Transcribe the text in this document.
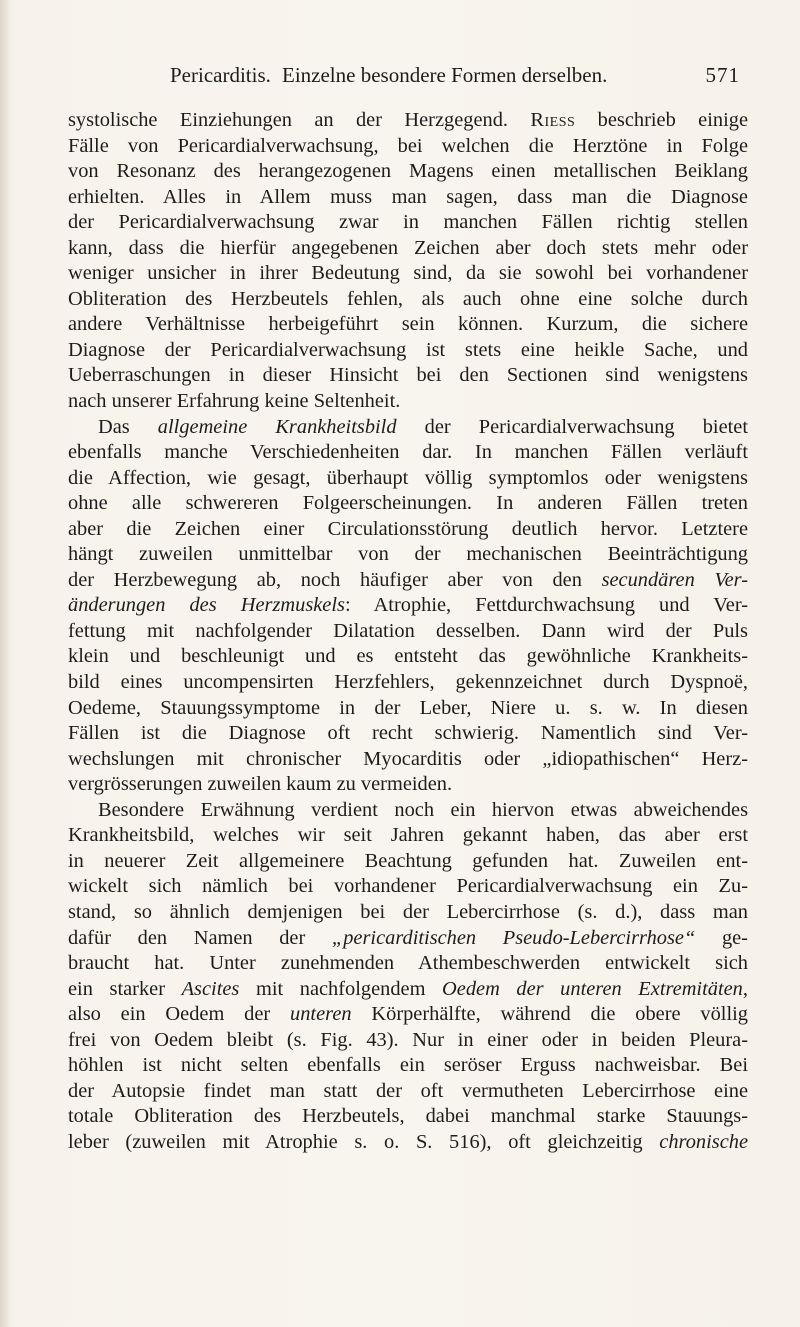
Pericarditis. Einzelne besondere Formen derselben.	571
systolische Einziehungen an der Herzgegend. Riess beschrieb einige
Fälle von Pericardialverwachsung, bei welchen die Herztöne in Folge
von Resonanz des herangezogenen Magens einen metallischen Beiklang
erhielten. Alles in Allem muss man sagen, dass man die Diagnose
der Pericardialverwachsung zwar in manchen Fällen richtig stellen
kann, dass die hierfür angegebenen Zeichen aber doch stets mehr oder
weniger unsicher in ihrer Bedeutung sind, da sie sowohl bei vorhandener
Obliteration des Herzbeutels fehlen, als auch ohne eine solche durch
andere Verhältnisse herbeigeführt sein können. Kurzum, die sichere
Diagnose der Pericardialverwachsung ist stets eine heikle Sache, und
Ueberraschungen in dieser Hinsicht bei den Sectionen sind wenigstens
nach unserer Erfahrung keine Seltenheit.
Das allgemeine Krankheitsbild der Pericardialverwachsung bietet
ebenfalls manche Verschiedenheiten dar. In manchen Fällen verläuft
die Affection, wie gesagt, überhaupt völlig symptomlos oder wenigstens
ohne alle schwereren Folgeerscheinungen. In anderen Fällen treten
aber die Zeichen einer Circulationsstörung deutlich hervor. Letztere
hängt zuweilen unmittelbar von der mechanischen Beeinträchtigung
der Herzbewegung ab, noch häufiger aber von den secundären Ver-
änderungen des Herzmuskels: Atrophie, Fettdurchwachsung und Ver-
fettung mit nachfolgender Dilatation desselben. Dann wird der Puls
klein und beschleunigt und es entsteht das gewöhnliche Krankheits-
bild eines uncompensirten Herzfehlers, gekennzeichnet durch Dyspnoë,
Oedeme, Stauungssymptome in der Leber, Niere u. s. w. In diesen
Fällen ist die Diagnose oft recht schwierig. Namentlich sind Ver-
wechslungen mit chronischer Myocarditis oder „idiopathischen“ Herz-
vergrösserungen zuweilen kaum zu vermeiden.
Besondere Erwähnung verdient noch ein hiervon etwas abweichendes
Krankheitsbild, welches wir seit Jahren gekannt haben, das aber erst
in neuerer Zeit allgemeinere Beachtung gefunden hat. Zuweilen ent-
wickelt sich nämlich bei vorhandener Pericardialverwachsung ein Zu-
stand, so ähnlich demjenigen bei der Lebercirrhose (s. d.), dass man
dafür den Namen der „pericarditischen Pseudo-Lebercirrhose“ ge-
braucht hat. Unter zunehmenden Athembeschwerden entwickelt sich
ein starker Ascites mit nachfolgendem Oedem der unteren Extremitäten,
also ein Oedem der unteren Körperhälfte, während die obere völlig
frei von Oedem bleibt (s. Fig. 43). Nur in einer oder in beiden Pleura-
höhlen ist nicht selten ebenfalls ein seröser Erguss nachweisbar. Bei
der Autopsie findet man statt der oft vermutheten Lebercirrhose eine
totale Obliteration des Herzbeutels, dabei manchmal starke Stauungs-
leber (zuweilen mit Atrophie s. o. S. 516), oft gleichzeitig chronische
